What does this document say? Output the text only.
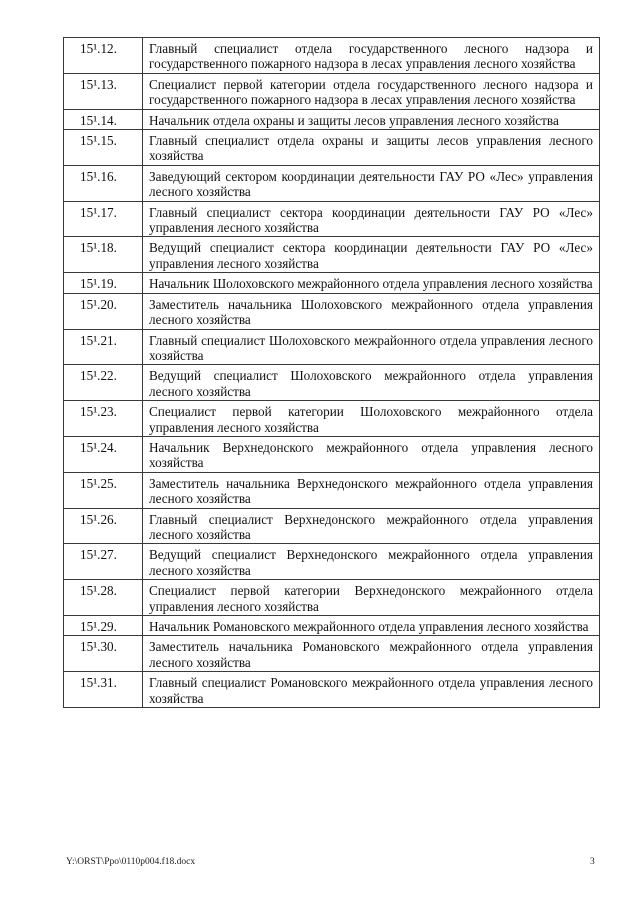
15¹.12.	Главный специалист отдела государственного лесного надзора и государственного пожарного надзора в лесах управления лесного хозяйства
15¹.13.	Специалист первой категории отдела государственного лесного надзора и государственного пожарного надзора в лесах управления лесного хозяйства
15¹.14.	Начальник отдела охраны и защиты лесов управления лесного хозяйства
15¹.15.	Главный специалист отдела охраны и защиты лесов управления лесного хозяйства
15¹.16.	Заведующий сектором координации деятельности ГАУ РО «Лес» управления лесного хозяйства
15¹.17.	Главный специалист сектора координации деятельности ГАУ РО «Лес» управления лесного хозяйства
15¹.18.	Ведущий специалист сектора координации деятельности ГАУ РО «Лес» управления лесного хозяйства
15¹.19.	Начальник Шолоховского межрайонного отдела управления лесного хозяйства
15¹.20.	Заместитель начальника Шолоховского межрайонного отдела управления лесного хозяйства
15¹.21.	Главный специалист Шолоховского межрайонного отдела управления лесного хозяйства
15¹.22.	Ведущий специалист Шолоховского межрайонного отдела управления лесного хозяйства
15¹.23.	Специалист первой категории Шолоховского межрайонного отдела управления лесного хозяйства
15¹.24.	Начальник Верхнедонского межрайонного отдела управления лесного хозяйства
15¹.25.	Заместитель начальника Верхнедонского межрайонного отдела управления лесного хозяйства
15¹.26.	Главный специалист Верхнедонского межрайонного отдела управления лесного хозяйства
15¹.27.	Ведущий специалист Верхнедонского межрайонного отдела управления лесного хозяйства
15¹.28.	Специалист первой категории Верхнедонского межрайонного отдела управления лесного хозяйства
15¹.29.	Начальник Романовского межрайонного отдела управления лесного хозяйства
15¹.30.	Заместитель начальника Романовского межрайонного отдела управления лесного хозяйства
15¹.31.	Главный специалист Романовского межрайонного отдела управления лесного хозяйства
Y:\ORST\Ppo\0110p004.f18.docx	3
